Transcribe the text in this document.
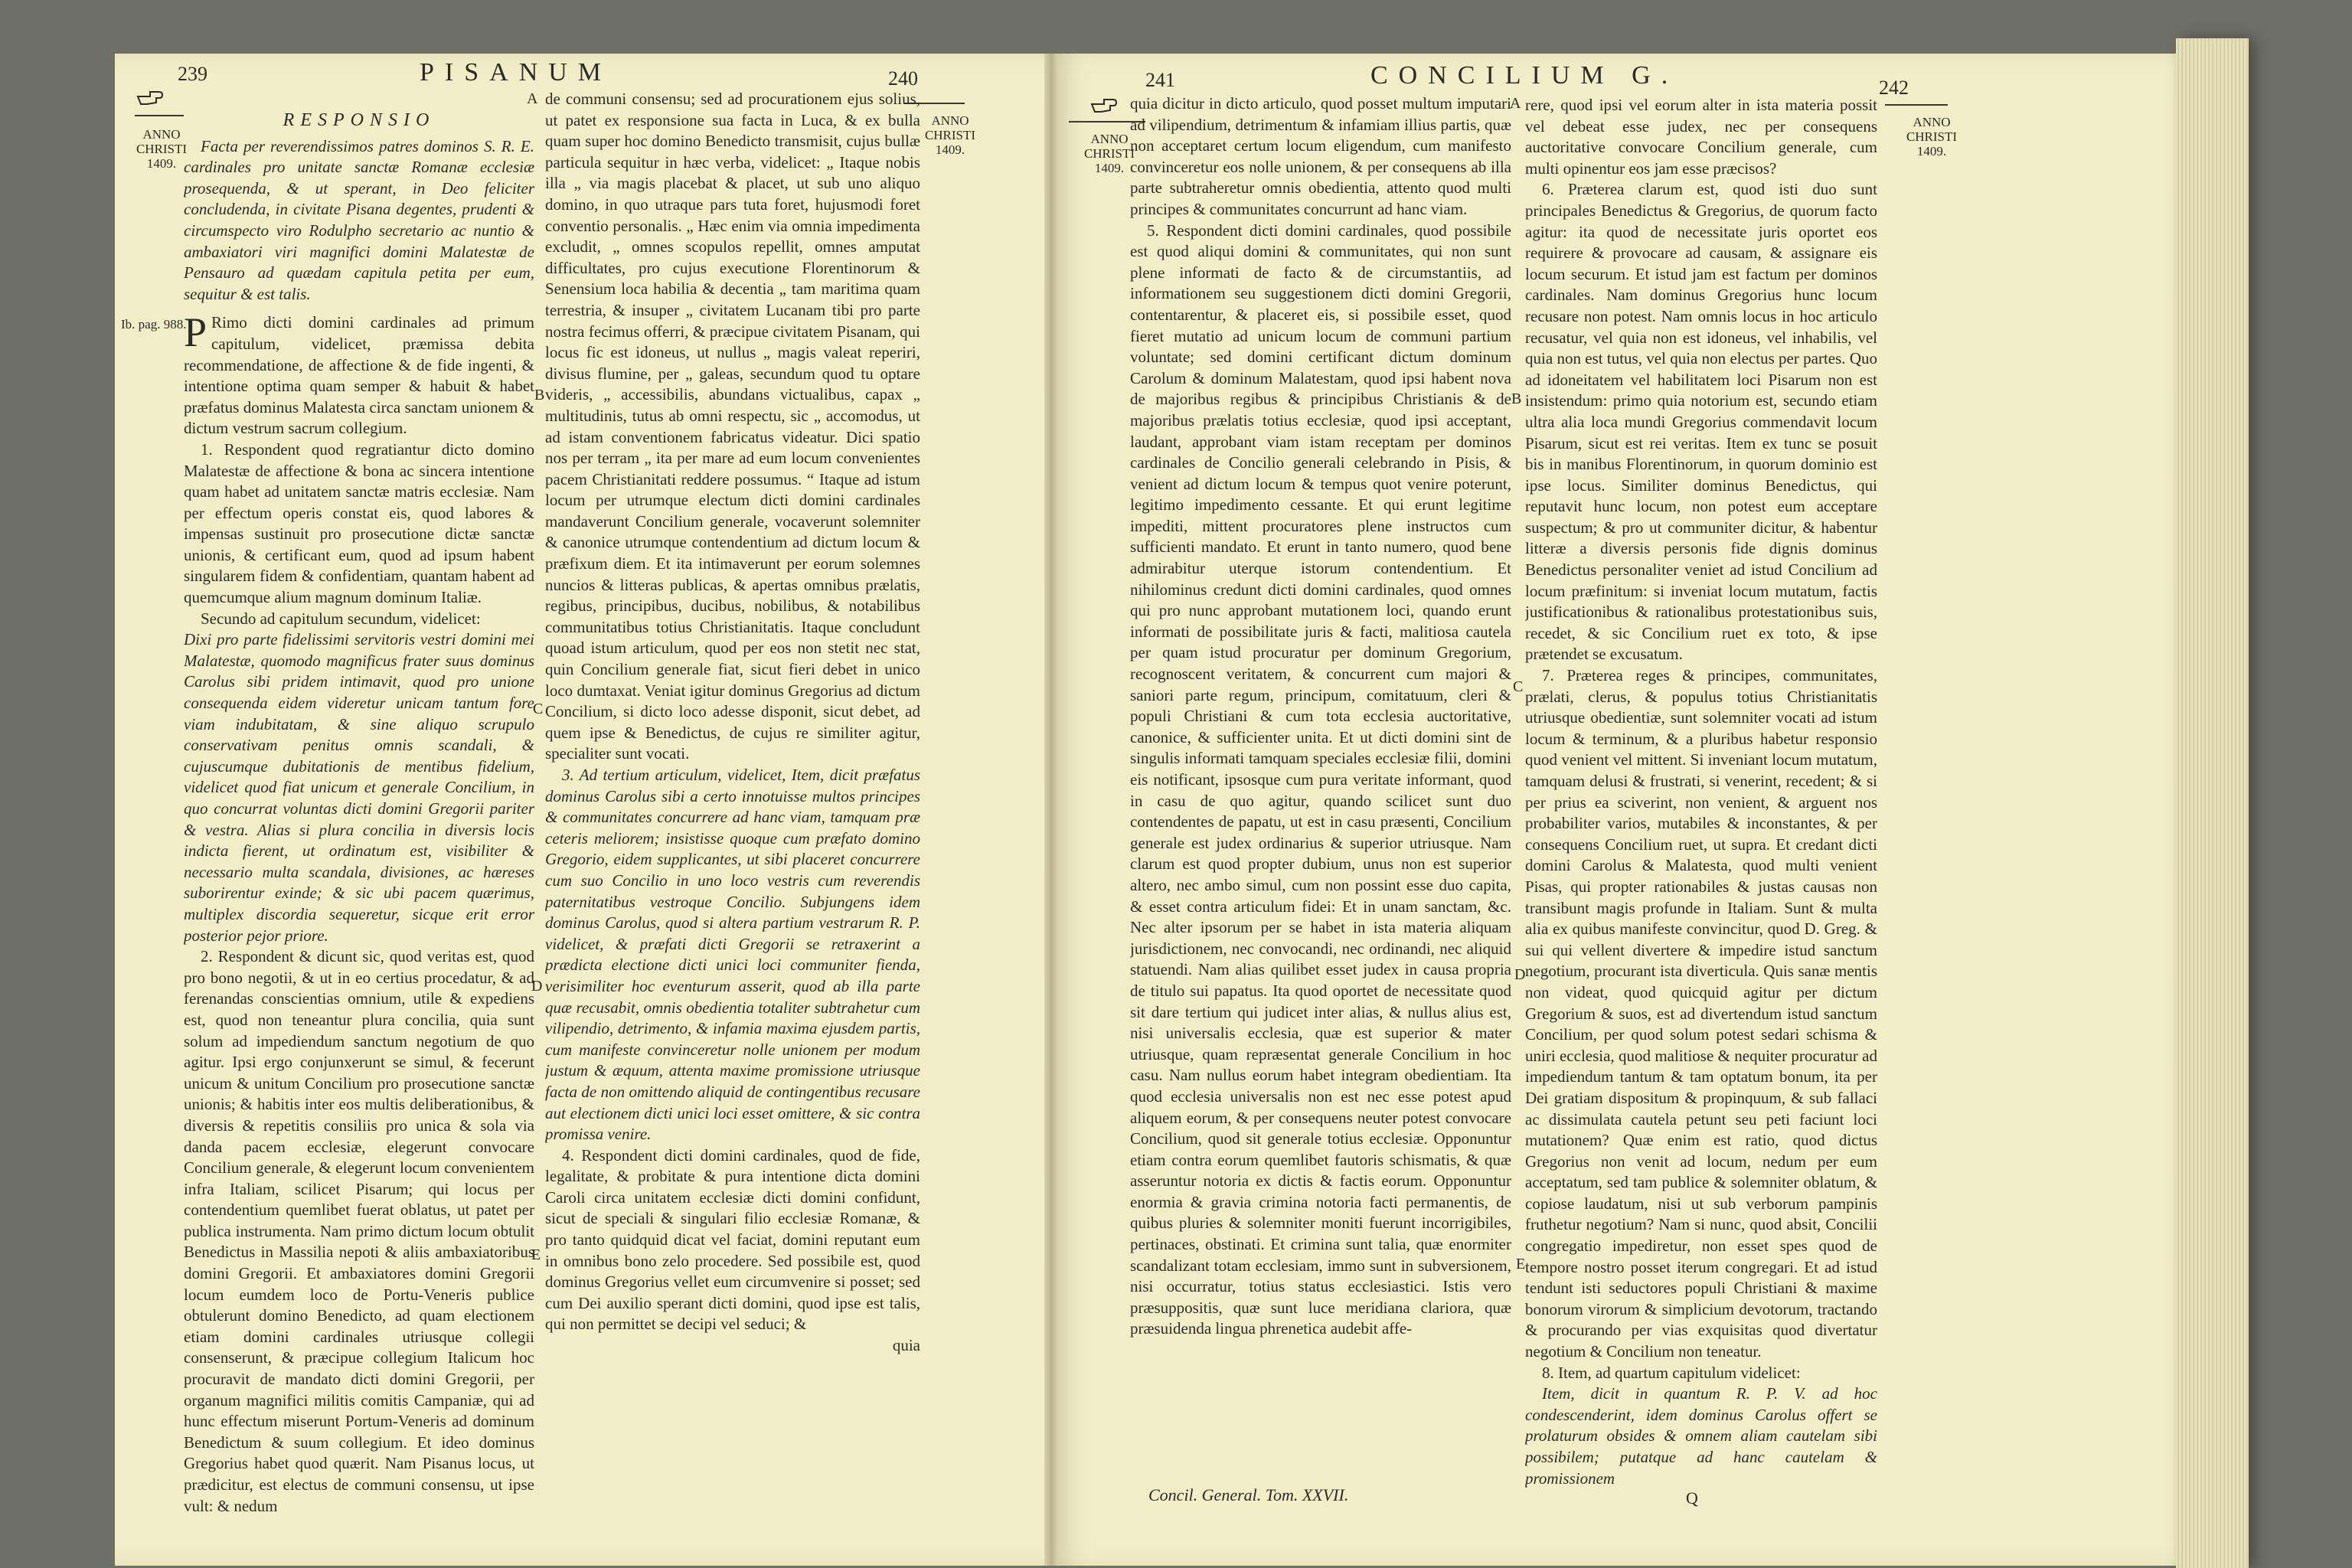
239	PISANUM	240
ANNO CHRISTI 1409.
Ib. pag. 988.
ANNO CHRISTI 1409.
A
B
C
D
E

RESPONSIO

Facta per reverendissimos patres dominos S. R. E. cardinales pro unitate sanctæ Romanæ ecclesiæ prosequenda, & ut sperant, in Deo feliciter concludenda, in civitate Pisana degentes, prudenti & circumspecto viro Rodulpho secretario ac nuntio & ambaxiatori viri magnifici domini Malatestæ de Pensauro ad quædam capitula petita per eum, sequitur & est talis.

P Rimo dicti domini cardinales ad primum capitulum, videlicet, præmissa debita recommendatione, de affectione & de fide ingenti, & intentione optima quam semper & habuit & habet præfatus dominus Malatesta circa sanctam unionem & dictum vestrum sacrum collegium.

1. Respondent quod regratiantur dicto domino Malatestæ de affectione & bona ac sincera intentione quam habet ad unitatem sanctæ matris ecclesiæ. Nam per effectum operis constat eis, quod labores & impensas sustinuit pro prosecutione dictæ sanctæ unionis, & certificant eum, quod ad ipsum habent singularem fidem & confidentiam, quantam habent ad quemcumque alium magnum dominum Italiæ.

Secundo ad capitulum secundum, videlicet:

Dixi pro parte fidelissimi servitoris vestri domini mei Malatestæ, quomodo magnificus frater suus dominus Carolus sibi pridem intimavit, quod pro unione consequenda eidem videretur unicam tantum fore viam indubitatam, & sine aliquo scrupulo conservativam penitus omnis scandali, & cujuscumque dubitationis de mentibus fidelium, videlicet quod fiat unicum et generale Concilium, in quo concurrat voluntas dicti domini Gregorii pariter & vestra. Alias si plura concilia in diversis locis indicta fierent, ut ordinatum est, visibiliter & necessario multa scandala, divisiones, ac hæreses suborirentur exinde; & sic ubi pacem quærimus, multiplex discordia sequeretur, sicque erit error posterior pejor priore.

2. Respondent & dicunt sic, quod veritas est, quod pro bono negotii, & ut in eo certius procedatur, & ad ferenandas conscientias omnium, utile & expediens est, quod non teneantur plura concilia, quia sunt solum ad impediendum sanctum negotium de quo agitur. Ipsi ergo conjunxerunt se simul, & fecerunt unicum & unitum Concilium pro prosecutione sanctæ unionis; & habitis inter eos multis deliberationibus, & diversis & repetitis consiliis pro unica & sola via danda pacem ecclesiæ, elegerunt convocare Concilium generale, & elegerunt locum convenientem infra Italiam, scilicet Pisarum; qui locus per contendentium quemlibet fuerat oblatus, ut patet per publica instrumenta. Nam primo dictum locum obtulit Benedictus in Massilia nepoti & aliis ambaxiatoribus domini Gregorii. Et ambaxiatores domini Gregorii locum eumdem loco de Portu-Veneris publice obtulerunt domino Benedicto, ad quam electionem etiam domini cardinales utriusque collegii consenserunt, & præcipue collegium Italicum hoc procuravit de mandato dicti domini Gregorii, per organum magnifici militis comitis Campaniæ, qui ad hunc effectum miserunt Portum-Veneris ad dominum Benedictum & suum collegium. Et ideo dominus Gregorius habet quod quærit. Nam Pisanus locus, ut prædicitur, est electus de communi consensu, ut ipse vult: & nedum

de communi consensu; sed ad procurationem ejus solius, ut patet ex responsione sua facta in Luca, & ex bulla quam super hoc domino Benedicto transmisit, cujus bullæ particula sequitur in hæc verba, videlicet: „ Itaque nobis illa „ via magis placebat & placet, ut sub uno aliquo domino, in quo utraque pars tuta foret, hujusmodi foret conventio personalis. „ Hæc enim via omnia impedimenta excludit, „ omnes scopulos repellit, omnes amputat difficultates, pro cujus executione Florentinorum & Senensium loca habilia & decentia „ tam maritima quam terrestria, & insuper „ civitatem Lucanam tibi pro parte nostra fecimus offerri, & præcipue civitatem Pisanam, qui locus fic est idoneus, ut nullus „ magis valeat reperiri, divisus flumine, per „ galeas, secundum quod tu optare videris, „ accessibilis, abundans victualibus, capax „ multitudinis, tutus ab omni respectu, sic „ accomodus, ut ad istam conventionem fabricatus videatur. Dici spatio nos per terram „ ita per mare ad eum locum convenientes pacem Christianitati reddere possumus. “ Itaque ad istum locum per utrumque electum dicti domini cardinales mandaverunt Concilium generale, vocaverunt solemniter & canonice utrumque contendentium ad dictum locum & præfixum diem. Et ita intimaverunt per eorum solemnes nuncios & litteras publicas, & apertas omnibus prælatis, regibus, principibus, ducibus, nobilibus, & notabilibus communitatibus totius Christianitatis. Itaque concludunt quoad istum articulum, quod per eos non stetit nec stat, quin Concilium generale fiat, sicut fieri debet in unico loco dumtaxat. Veniat igitur dominus Gregorius ad dictum Concilium, si dicto loco adesse disponit, sicut debet, ad quem ipse & Benedictus, de cujus re similiter agitur, specialiter sunt vocati.

3. Ad tertium articulum, videlicet, Item, dicit præfatus dominus Carolus sibi a certo innotuisse multos principes & communitates concurrere ad hanc viam, tamquam præ ceteris meliorem; insistisse quoque cum præfato domino Gregorio, eidem supplicantes, ut sibi placeret concurrere cum suo Concilio in uno loco vestris cum reverendis paternitatibus vestroque Concilio. Subjungens idem dominus Carolus, quod si altera partium vestrarum R. P. videlicet, & præfati dicti Gregorii se retraxerint a prædicta electione dicti unici loci communiter fienda, verisimiliter hoc eventurum asserit, quod ab illa parte quæ recusabit, omnis obedientia totaliter subtrahetur cum vilipendio, detrimento, & infamia maxima ejusdem partis, cum manifeste convinceretur nolle unionem per modum justum & æquum, attenta maxime promissione utriusque facta de non omittendo aliquid de contingentibus recusare aut electionem dicti unici loci esset omittere, & sic contra promissa venire.

4. Respondent dicti domini cardinales, quod de fide, legalitate, & probitate & pura intentione dicta domini Caroli circa unitatem ecclesiæ dicti domini confidunt, sicut de speciali & singulari filio ecclesiæ Romanæ, & pro tanto quidquid dicat vel faciat, domini reputant eum in omnibus bono zelo procedere. Sed possibile est, quod dominus Gregorius vellet eum circumvenire si posset; sed cum Dei auxilio sperant dicti domini, quod ipse est talis, qui non permittet se decipi vel seduci; &

quia

241	CONCILIUM G.	242
ANNO CHRISTI 1409.
ANNO CHRISTI 1409.
A
B
C
D
E

quia dicitur in dicto articulo, quod posset multum imputari ad vilipendium, detrimentum & infamiam illius partis, quæ non acceptaret certum locum eligendum, cum manifesto convinceretur eos nolle unionem, & per consequens ab illa parte subtraheretur omnis obedientia, attento quod multi principes & communitates concurrunt ad hanc viam.

5. Respondent dicti domini cardinales, quod possibile est quod aliqui domini & communitates, qui non sunt plene informati de facto & de circumstantiis, ad informationem seu suggestionem dicti domini Gregorii, contentarentur, & placeret eis, si possibile esset, quod fieret mutatio ad unicum locum de communi partium voluntate; sed domini certificant dictum dominum Carolum & dominum Malatestam, quod ipsi habent nova de majoribus regibus & principibus Christianis & de majoribus prælatis totius ecclesiæ, quod ipsi acceptant, laudant, approbant viam istam receptam per dominos cardinales de Concilio generali celebrando in Pisis, & venient ad dictum locum & tempus quot venire poterunt, legitimo impedimento cessante. Et qui erunt legitime impediti, mittent procuratores plene instructos cum sufficienti mandato. Et erunt in tanto numero, quod bene admirabitur uterque istorum contendentium. Et nihilominus credunt dicti domini cardinales, quod omnes qui pro nunc approbant mutationem loci, quando erunt informati de possibilitate juris & facti, malitiosa cautela per quam istud procuratur per dominum Gregorium, recognoscent veritatem, & concurrent cum majori & saniori parte regum, principum, comitatuum, cleri & populi Christiani & cum tota ecclesia auctoritative, canonice, & sufficienter unita. Et ut dicti domini sint de singulis informati tamquam speciales ecclesiæ filii, domini eis notificant, ipsosque cum pura veritate informant, quod in casu de quo agitur, quando scilicet sunt duo contendentes de papatu, ut est in casu præsenti, Concilium generale est judex ordinarius & superior utriusque. Nam clarum est quod propter dubium, unus non est superior altero, nec ambo simul, cum non possint esse duo capita, & esset contra articulum fidei: Et in unam sanctam, &c. Nec alter ipsorum per se habet in ista materia aliquam jurisdictionem, nec convocandi, nec ordinandi, nec aliquid statuendi. Nam alias quilibet esset judex in causa propria de titulo sui papatus. Ita quod oportet de necessitate quod sit dare tertium qui judicet inter alias, & nullus alius est, nisi universalis ecclesia, quæ est superior & mater utriusque, quam repræsentat generale Concilium in hoc casu. Nam nullus eorum habet integram obedientiam. Ita quod ecclesia universalis non est nec esse potest apud aliquem eorum, & per consequens neuter potest convocare Concilium, quod sit generale totius ecclesiæ. Opponuntur etiam contra eorum quemlibet fautoris schismatis, & quæ asseruntur notoria ex dictis & factis eorum. Opponuntur enormia & gravia crimina notoria facti permanentis, de quibus pluries & solemniter moniti fuerunt incorrigibiles, pertinaces, obstinati. Et crimina sunt talia, quæ enormiter scandalizant totam ecclesiam, immo sunt in subversionem, nisi occurratur, totius status ecclesiastici. Istis vero præsuppositis, quæ sunt luce meridiana clariora, quæ præsuidenda lingua phrenetica audebit affe-

Concil. General. Tom. XXVII.

rere, quod ipsi vel eorum alter in ista materia possit vel debeat esse judex, nec per consequens auctoritative convocare Concilium generale, cum multi opinentur eos jam esse præcisos?

6. Præterea clarum est, quod isti duo sunt principales Benedictus & Gregorius, de quorum facto agitur: ita quod de necessitate juris oportet eos requirere & provocare ad causam, & assignare eis locum securum. Et istud jam est factum per dominos cardinales. Nam dominus Gregorius hunc locum recusare non potest. Nam omnis locus in hoc articulo recusatur, vel quia non est idoneus, vel inhabilis, vel quia non est tutus, vel quia non electus per partes. Quo ad idoneitatem vel habilitatem loci Pisarum non est insistendum: primo quia notorium est, secundo etiam ultra alia loca mundi Gregorius commendavit locum Pisarum, sicut est rei veritas. Item ex tunc se posuit bis in manibus Florentinorum, in quorum dominio est ipse locus. Similiter dominus Benedictus, qui reputavit hunc locum, non potest eum acceptare suspectum; & pro ut communiter dicitur, & habentur litteræ a diversis personis fide dignis dominus Benedictus personaliter veniet ad istud Concilium ad locum præfinitum: si inveniat locum mutatum, factis justificationibus & rationalibus protestationibus suis, recedet, & sic Concilium ruet ex toto, & ipse prætendet se excusatum.

7. Præterea reges & principes, communitates, prælati, clerus, & populus totius Christianitatis utriusque obedientiæ, sunt solemniter vocati ad istum locum & terminum, & a pluribus habetur responsio quod venient vel mittent. Si inveniant locum mutatum, tamquam delusi & frustrati, si venerint, recedent; & si per prius ea sciverint, non venient, & arguent nos probabiliter varios, mutabiles & inconstantes, & per consequens Concilium ruet, ut supra. Et credant dicti domini Carolus & Malatesta, quod multi venient Pisas, qui propter rationabiles & justas causas non transibunt magis profunde in Italiam. Sunt & multa alia ex quibus manifeste convincitur, quod D. Greg. & sui qui vellent divertere & impedire istud sanctum negotium, procurant ista diverticula. Quis sanæ mentis non videat, quod quicquid agitur per dictum Gregorium & suos, est ad divertendum istud sanctum Concilium, per quod solum potest sedari schisma & uniri ecclesia, quod malitiose & nequiter procuratur ad impediendum tantum & tam optatum bonum, ita per Dei gratiam dispositum & propinquum, & sub fallaci ac dissimulata cautela petunt seu peti faciunt loci mutationem? Quæ enim est ratio, quod dictus Gregorius non venit ad locum, nedum per eum acceptatum, sed tam publice & solemniter oblatum, & copiose laudatum, nisi ut sub verborum pampinis fruthetur negotium? Nam si nunc, quod absit, Concilii congregatio impediretur, non esset spes quod de tempore nostro posset iterum congregari. Et ad istud tendunt isti seductores populi Christiani & maxime bonorum virorum & simplicium devotorum, tractando & procurando per vias exquisitas quod divertatur negotium & Concilium non teneatur.

8. Item, ad quartum capitulum videlicet:

Item, dicit in quantum R. P. V. ad hoc condescenderint, idem dominus Carolus offert se prolaturum obsides & omnem aliam cautelam sibi possibilem; putatque ad hanc cautelam & promissionem

Q
